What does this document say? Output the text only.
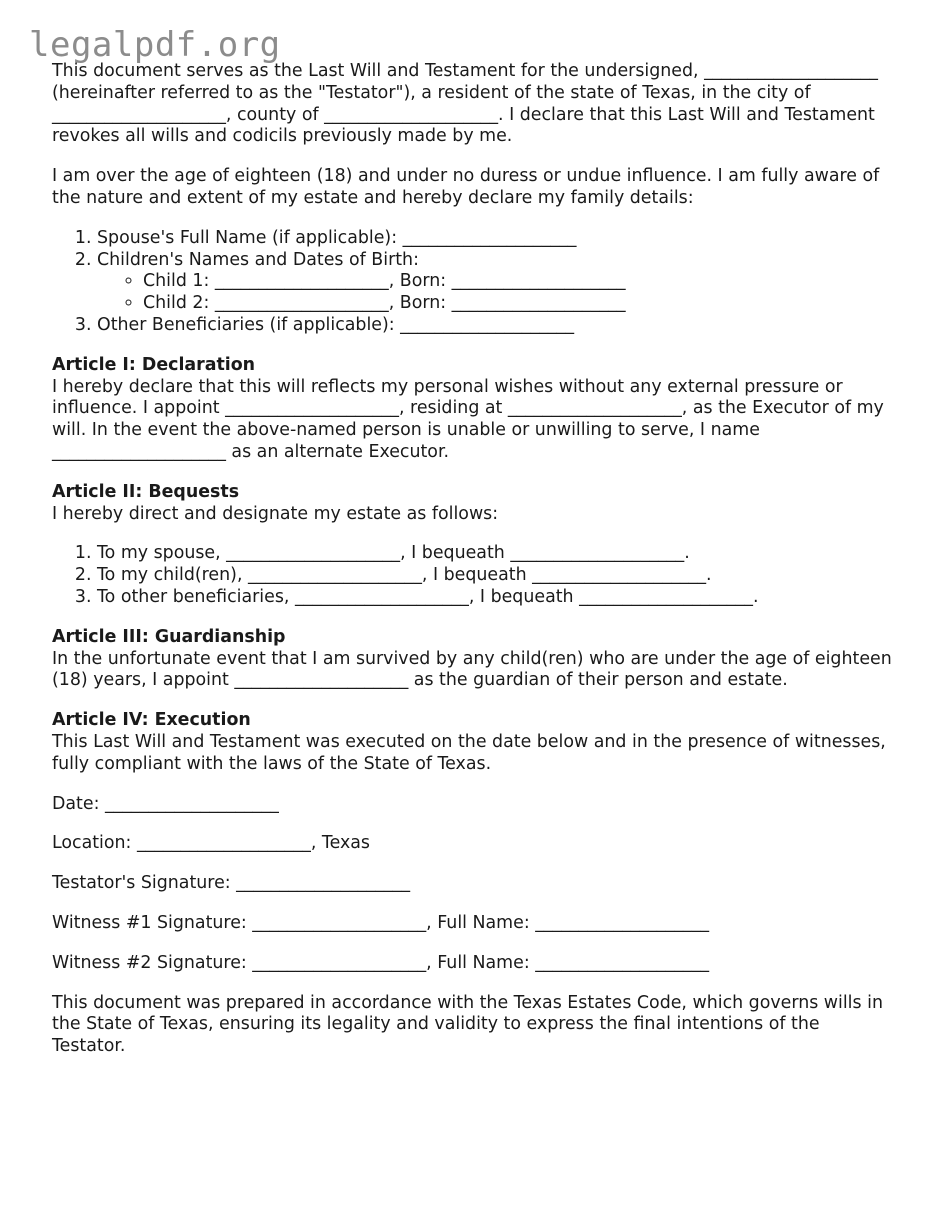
legalpdf.org

This document serves as the Last Will and Testament for the undersigned, ____________________ (hereinafter referred to as the "Testator"), a resident of the state of Texas, in the city of ____________________, county of ____________________. I declare that this Last Will and Testament revokes all wills and codicils previously made by me.

I am over the age of eighteen (18) and under no duress or undue influence. I am fully aware of the nature and extent of my estate and hereby declare my family details:

1. Spouse's Full Name (if applicable): ____________________
2. Children's Names and Dates of Birth:
◦ Child 1: ____________________, Born: ____________________
◦ Child 2: ____________________, Born: ____________________
3. Other Beneficiaries (if applicable): ____________________
Article I: Declaration

I hereby declare that this will reflects my personal wishes without any external pressure or influence. I appoint ____________________, residing at ____________________, as the Executor of my will. In the event the above-named person is unable or unwilling to serve, I name ____________________ as an alternate Executor.

Article II: Bequests

I hereby direct and designate my estate as follows:

1. To my spouse, ____________________, I bequeath ____________________.
2. To my child(ren), ____________________, I bequeath ____________________.
3. To other beneficiaries, ____________________, I bequeath ____________________.
Article III: Guardianship

In the unfortunate event that I am survived by any child(ren) who are under the age of eighteen (18) years, I appoint ____________________ as the guardian of their person and estate.

Article IV: Execution

This Last Will and Testament was executed on the date below and in the presence of witnesses, fully compliant with the laws of the State of Texas.

Date: ____________________

Location: ____________________, Texas

Testator's Signature: ____________________

Witness #1 Signature: ____________________, Full Name: ____________________

Witness #2 Signature: ____________________, Full Name: ____________________

This document was prepared in accordance with the Texas Estates Code, which governs wills in the State of Texas, ensuring its legality and validity to express the final intentions of the Testator.
